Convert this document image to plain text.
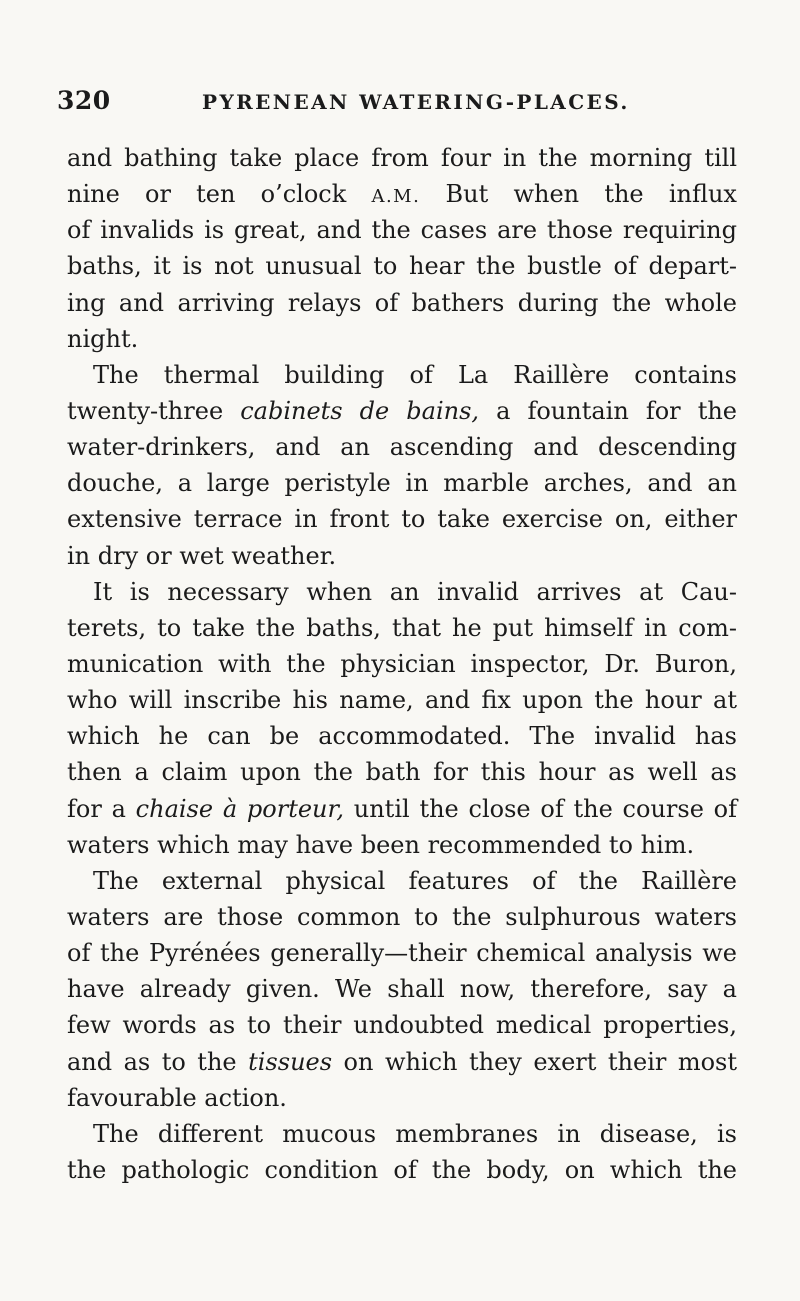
320	PYRENEAN WATERING-PLACES.
and bathing take place from four in the morning till
nine or ten o’clock A.M. But when the influx
of invalids is great, and the cases are those requiring
baths, it is not unusual to hear the bustle of depart-
ing and arriving relays of bathers during the whole
night.
The thermal building of La Raillère contains
twenty-three cabinets de bains, a fountain for the
water-drinkers, and an ascending and descending
douche, a large peristyle in marble arches, and an
extensive terrace in front to take exercise on, either
in dry or wet weather.
It is necessary when an invalid arrives at Cau-
terets, to take the baths, that he put himself in com-
munication with the physician inspector, Dr. Buron,
who will inscribe his name, and fix upon the hour at
which he can be accommodated. The invalid has
then a claim upon the bath for this hour as well as
for a chaise à porteur, until the close of the course of
waters which may have been recommended to him.
The external physical features of the Raillère
waters are those common to the sulphurous waters
of the Pyrénées generally—their chemical analysis we
have already given. We shall now, therefore, say a
few words as to their undoubted medical properties,
and as to the tissues on which they exert their most
favourable action.
The different mucous membranes in disease, is
the pathologic condition of the body, on which the
